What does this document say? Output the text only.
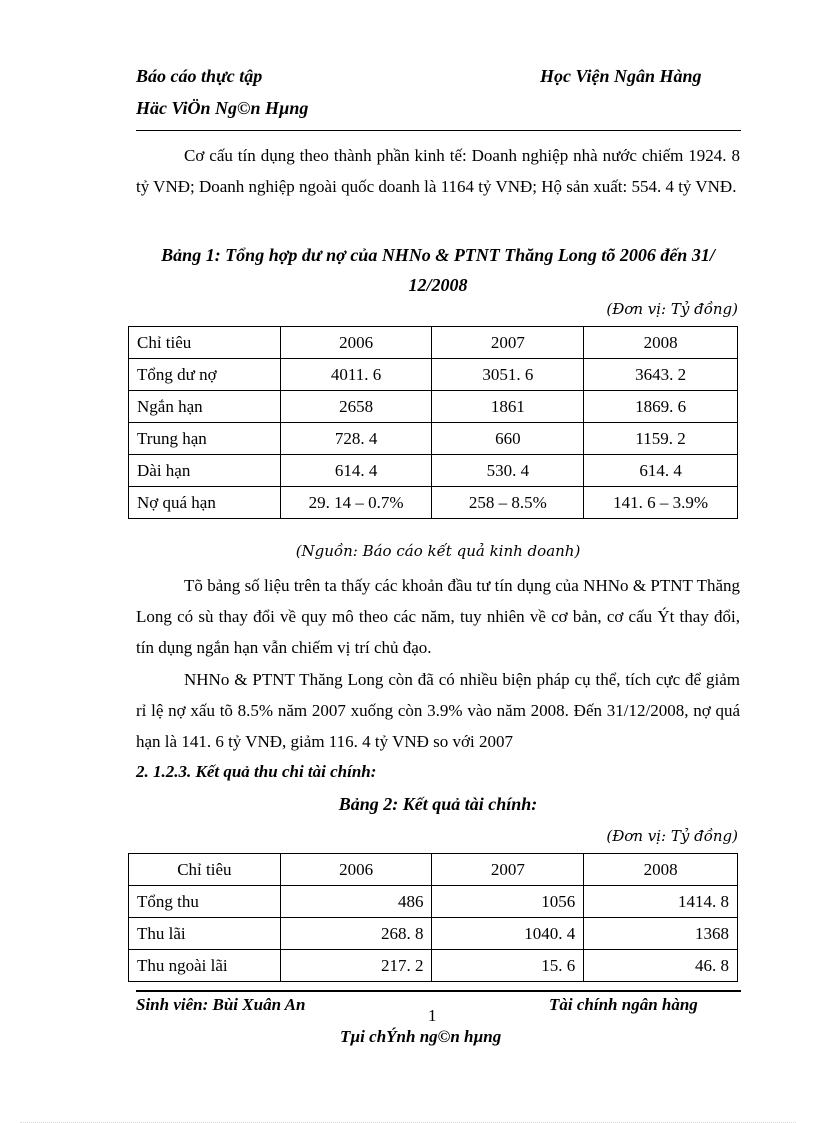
Báo cáo thực tập	Học Viện Ngân Hàng
Häc ViÖn Ng©n Hµng
Cơ cấu tín dụng theo thành phần kinh tế: Doanh nghiệp nhà nước chiếm 1924. 8 tỷ VNĐ; Doanh nghiệp ngoài quốc doanh là 1164 tỷ VNĐ; Hộ sản xuất: 554. 4 tỷ VNĐ.
Bảng 1: Tổng hợp dư nợ của NHNo & PTNT Thăng Long tõ 2006 đến 31/
12/2008
(Đơn vị: Tỷ đồng)
Chỉ tiêu	2006	2007	2008
Tổng dư nợ	4011. 6	3051. 6	3643. 2
Ngắn hạn	2658	1861	1869. 6
Trung hạn	728. 4	660	1159. 2
Dài hạn	614. 4	530. 4	614. 4
Nợ quá hạn	29. 14 – 0.7%	258 – 8.5%	141. 6 – 3.9%
(Nguồn: Báo cáo kết quả kinh doanh)
Tõ bảng số liệu trên ta thấy các khoản đầu tư tín dụng của NHNo & PTNT Thăng Long có sù thay đổi về quy mô theo các năm, tuy nhiên về cơ bản, cơ cấu Ýt thay đổi, tín dụng ngắn hạn vẫn chiếm vị trí chủ đạo.
NHNo & PTNT Thăng Long còn đã có nhiều biện pháp cụ thể, tích cực để giảm rỉ lệ nợ xấu tõ 8.5% năm 2007 xuống còn 3.9% vào năm 2008. Đến 31/12/2008, nợ quá hạn là 141. 6 tỷ VNĐ, giảm 116. 4 tỷ VNĐ so với 2007
2. 1.2.3. Kết quả thu chi tài chính:
Bảng 2: Kết quả tài chính:
(Đơn vị: Tỷ đồng)
Chỉ tiêu	2006	2007	2008
Tổng thu	486	1056	1414. 8
Thu lãi	268. 8	1040. 4	1368
Thu ngoài lãi	217. 2	15. 6	46. 8
Sinh viên: Bùi Xuân An
1
Tài chính ngân hàng
Tµi chÝnh ng©n hµng
